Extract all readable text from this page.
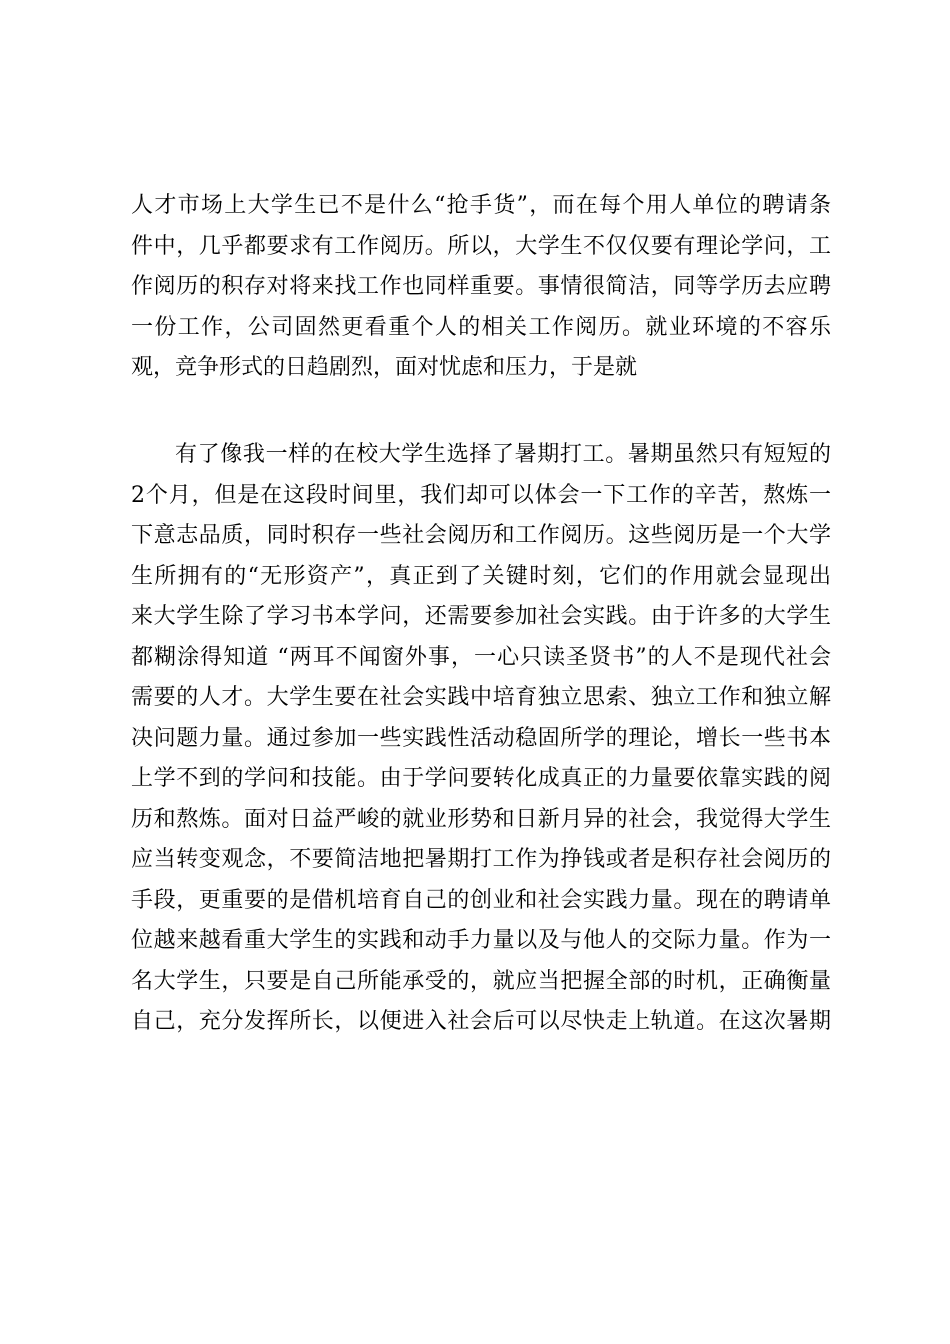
人才市场上大学生已不是什么“抢手货”，而在每个用人单位的聘请条
件中，几乎都要求有工作阅历。所以，大学生不仅仅要有理论学问，工
作阅历的积存对将来找工作也同样重要。事情很简洁，同等学历去应聘
一份工作，公司固然更看重个人的相关工作阅历。就业环境的不容乐
观，竞争形式的日趋剧烈，面对忧虑和压力，于是就
有了像我一样的在校大学生选择了暑期打工。暑期虽然只有短短的
2个月，但是在这段时间里，我们却可以体会一下工作的辛苦，熬炼一
下意志品质，同时积存一些社会阅历和工作阅历。这些阅历是一个大学
生所拥有的“无形资产”，真正到了关键时刻，它们的作用就会显现出
来大学生除了学习书本学问，还需要参加社会实践。由于许多的大学生
都糊涂得知道 “两耳不闻窗外事，一心只读圣贤书”的人不是现代社会
需要的人才。大学生要在社会实践中培育独立思索、独立工作和独立解
决问题力量。通过参加一些实践性活动稳固所学的理论，增长一些书本
上学不到的学问和技能。由于学问要转化成真正的力量要依靠实践的阅
历和熬炼。面对日益严峻的就业形势和日新月异的社会，我觉得大学生
应当转变观念，不要简洁地把暑期打工作为挣钱或者是积存社会阅历的
手段，更重要的是借机培育自己的创业和社会实践力量。现在的聘请单
位越来越看重大学生的实践和动手力量以及与他人的交际力量。作为一
名大学生，只要是自己所能承受的，就应当把握全部的时机，正确衡量
自己，充分发挥所长，以便进入社会后可以尽快走上轨道。在这次暑期
